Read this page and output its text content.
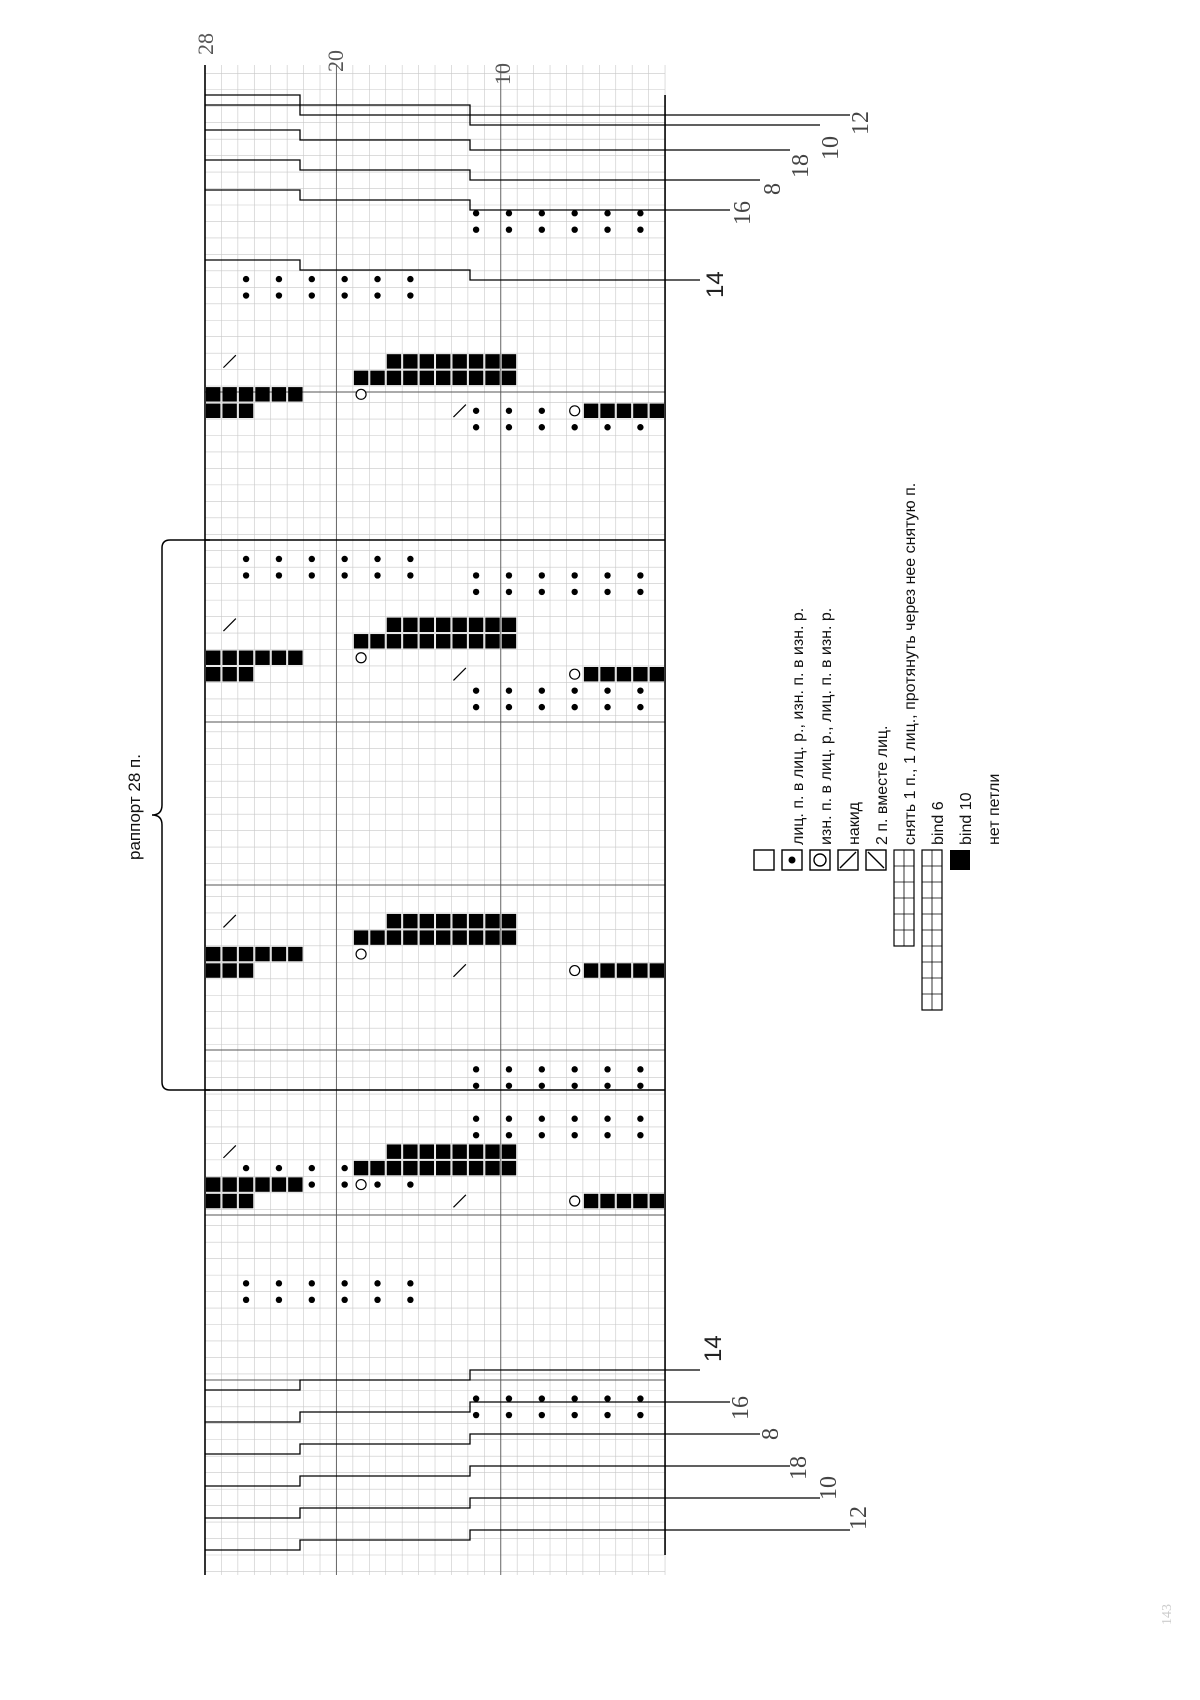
раппорт 28 п.
28
20
10
12
10
18
8
16
14
14
16
8
18
10
12
лиц. п. в лиц. р., изн. п. в изн. р. изн. п. в лиц. р., лиц. п. в изн. р. накид 2 п. вместе лиц. снять 1 п., 1 лиц., протянуть через нее снятую п. bind 6 bind 10 нет петли
143
